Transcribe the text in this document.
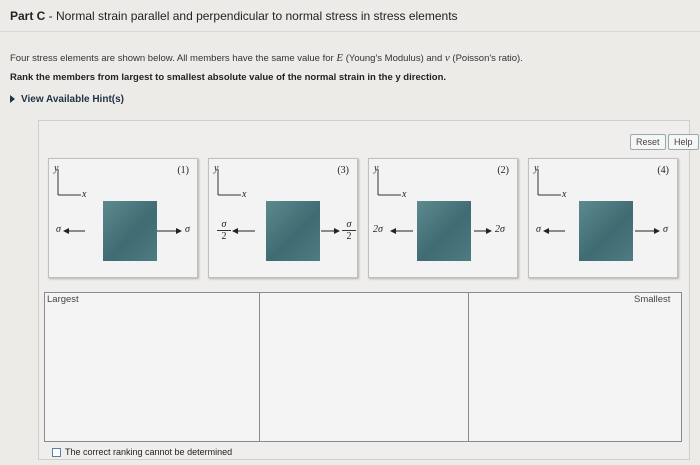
Part C - Normal strain parallel and perpendicular to normal stress in stress elements
Four stress elements are shown below. All members have the same value for E (Young's Modulus) and ν (Poisson's ratio).
Rank the members from largest to smallest absolute value of the normal strain in the y direction.
View Available Hint(s)
Reset	Help
y
x
(1)
σ	σ
y
x
(3)
$\frac{\sigma}{2}$	$\frac{\sigma}{2}$
y
x
(2)
2σ	2σ
y
x
(4)
σ	σ
Largest	Smallest
The correct ranking cannot be determined
